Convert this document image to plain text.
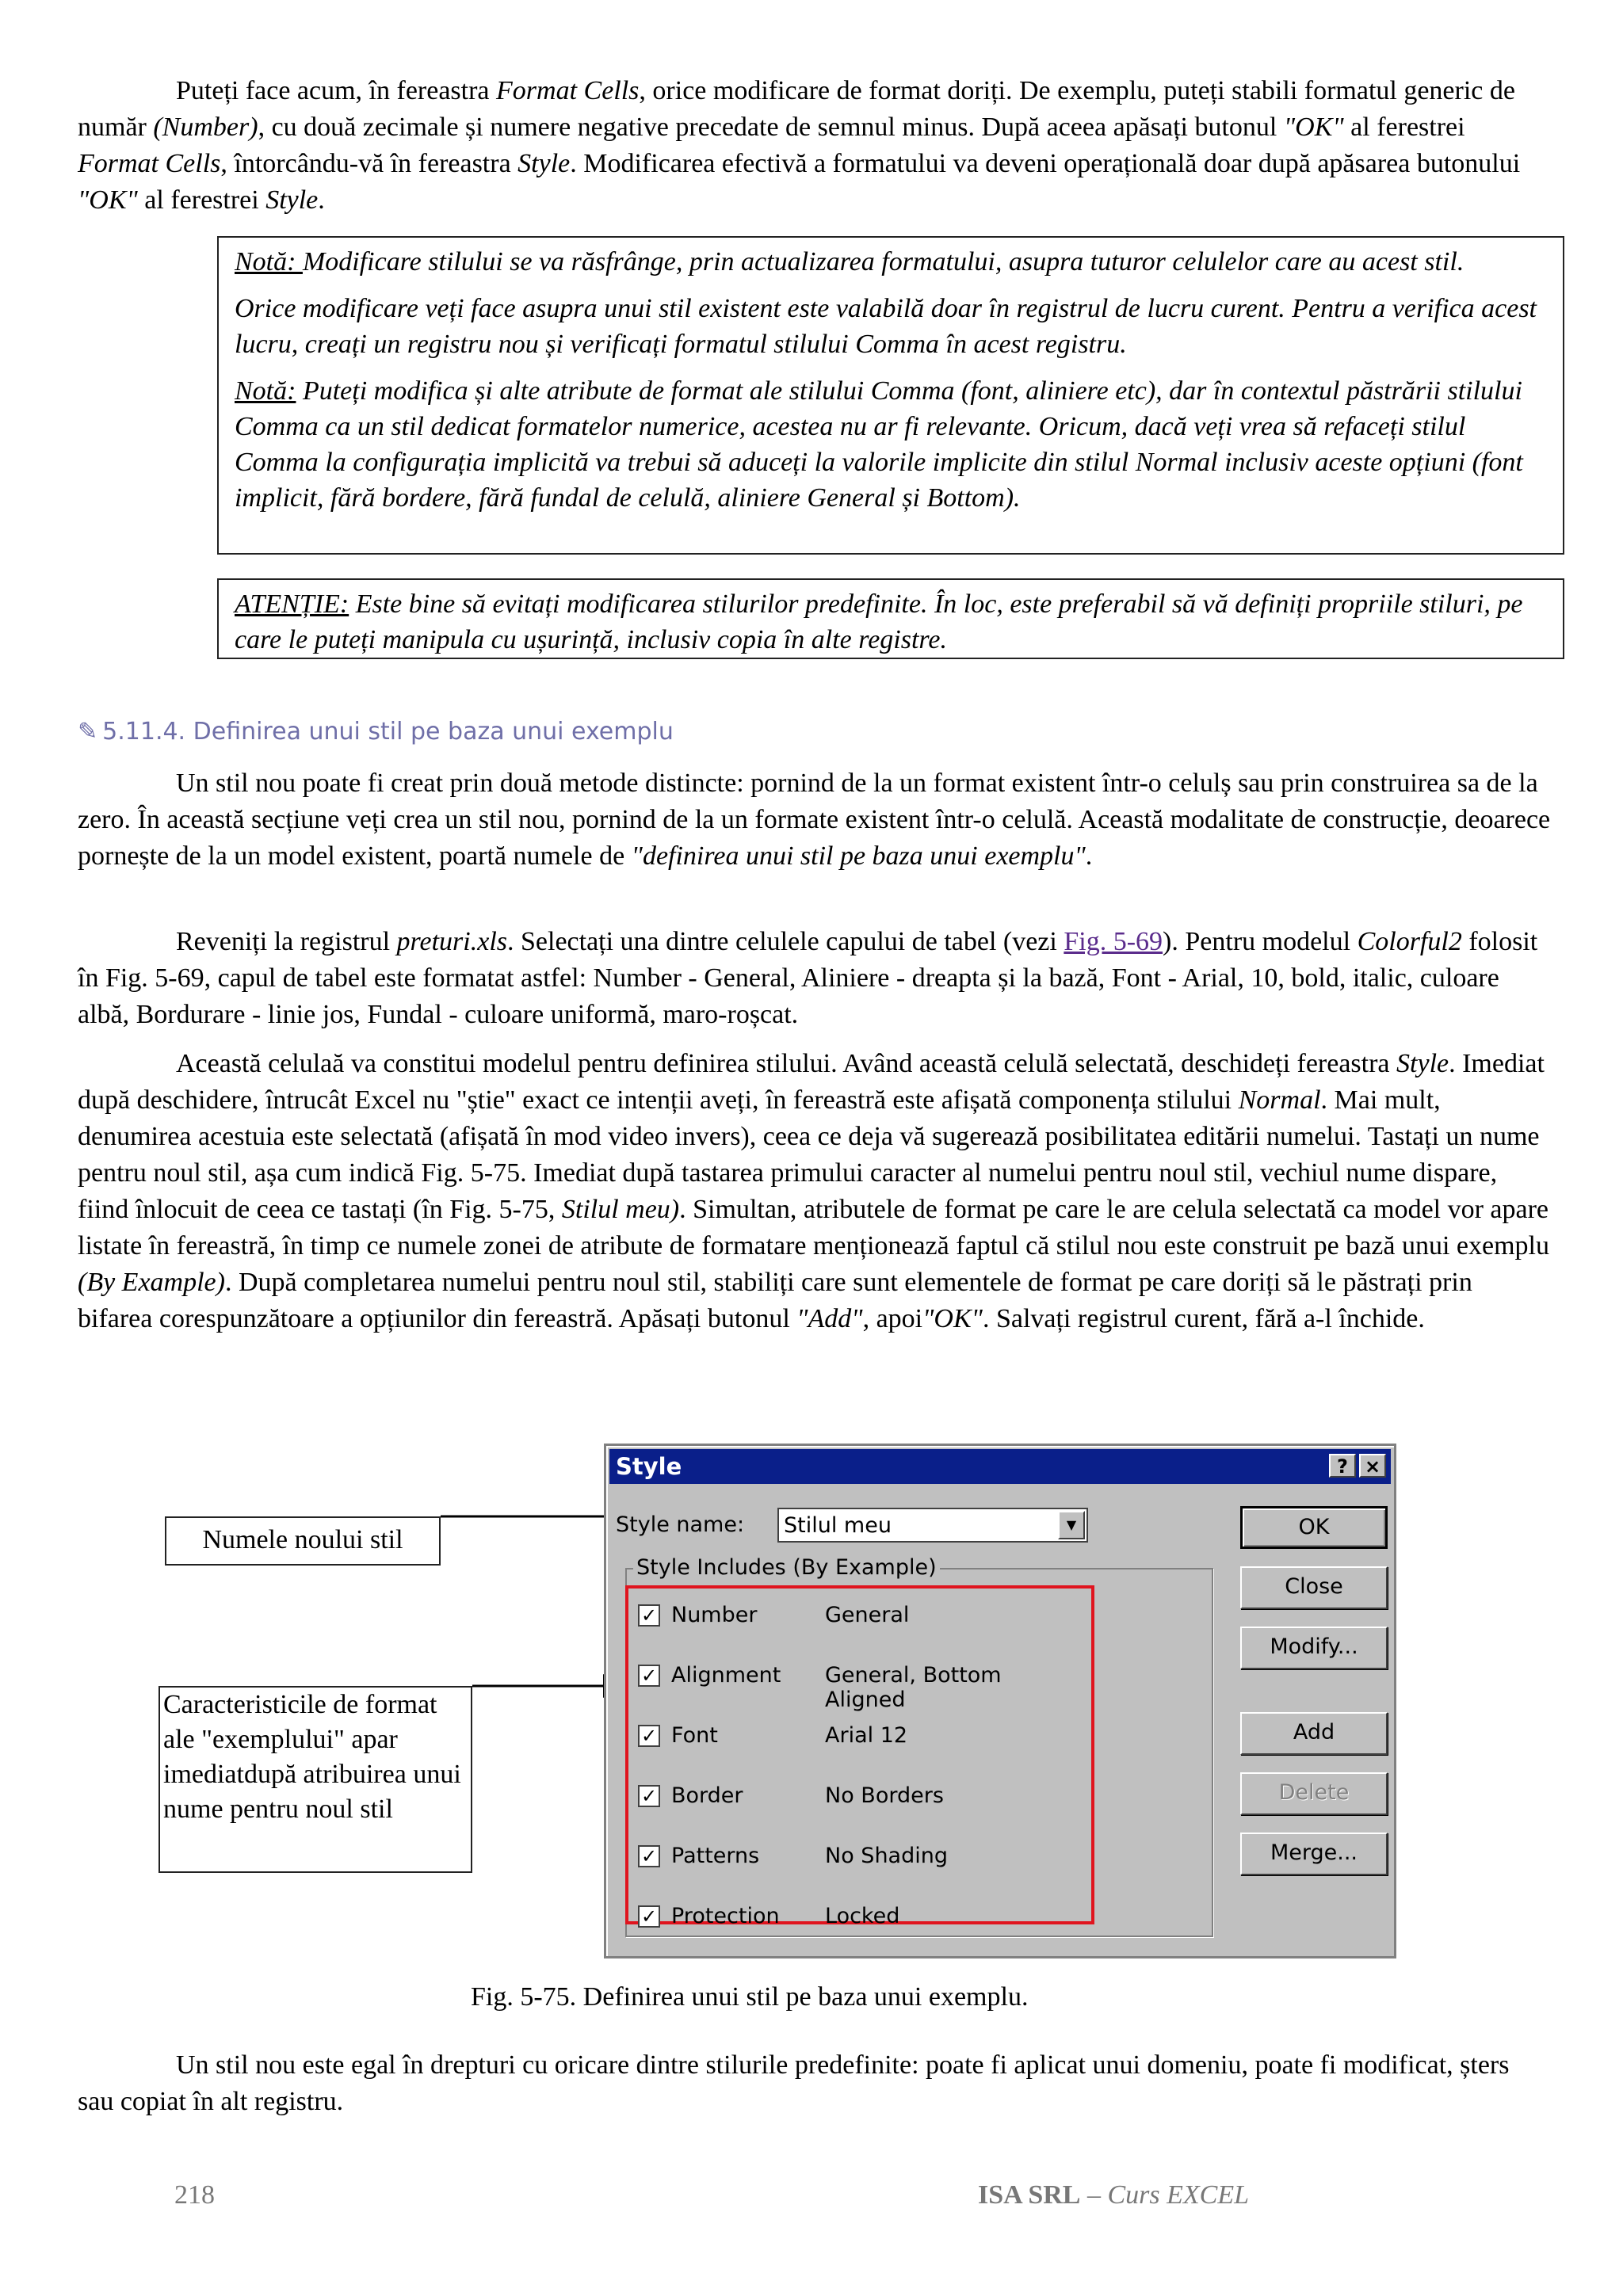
Puteți face acum, în fereastra Format Cells, orice modificare de format doriți. De exemplu, puteți stabili formatul generic de număr (Number), cu două zecimale și numere negative precedate de semnul minus. După aceea apăsați butonul "OK" al ferestrei Format Cells, întorcându-vă în fereastra Style. Modificarea efectivă a formatului va deveni operațională doar după apăsarea butonului "OK" al ferestrei Style.

Notă: Modificare stilului se va răsfrânge, prin actualizarea formatului, asupra tuturor celulelor care au acest stil.

Orice modificare veți face asupra unui stil existent este valabilă doar în registrul de lucru curent. Pentru a verifica acest lucru, creați un registru nou și verificați formatul stilului Comma în acest registru.

Notă: Puteți modifica și alte atribute de format ale stilului Comma (font, aliniere etc), dar în contextul păstrării stilului Comma ca un stil dedicat formatelor numerice, acestea nu ar fi relevante. Oricum, dacă veți vrea să refaceți stilul Comma la configurația implicită va trebui să aduceți la valorile implicite din stilul Normal inclusiv aceste opțiuni (font implicit, fără bordere, fără fundal de celulă, aliniere General și Bottom).

ATENȚIE: Este bine să evitați modificarea stilurilor predefinite. În loc, este preferabil să vă definiți propriile stiluri, pe care le puteți manipula cu ușurință, inclusiv copia în alte registre.

✎ 5.11.4. Definirea unui stil pe baza unui exemplu

Un stil nou poate fi creat prin două metode distincte: pornind de la un format existent într-o celulș sau prin construirea sa de la zero. În această secțiune veți crea un stil nou, pornind de la un formate existent într-o celulă. Această modalitate de construcție, deoarece pornește de la un model existent, poartă numele de "definirea unui stil pe baza unui exemplu".

Reveniți la registrul preturi.xls. Selectați una dintre celulele capului de tabel (vezi Fig. 5-69). Pentru modelul Colorful2 folosit în Fig. 5-69, capul de tabel este formatat astfel: Number - General, Aliniere - dreapta și la bază, Font - Arial, 10, bold, italic, culoare albă, Bordurare - linie jos, Fundal - culoare uniformă, maro-roșcat.

Această celulaă va constitui modelul pentru definirea stilului. Având această celulă selectată, deschideți fereastra Style. Imediat după deschidere, întrucât Excel nu "știe" exact ce intenții aveți, în fereastră este afișată componența stilului Normal. Mai mult, denumirea acestuia este selectată (afișată în mod video invers), ceea ce deja vă sugerează posibilitatea editării numelui. Tastați un nume pentru noul stil, așa cum indică Fig. 5-75. Imediat după tastarea primului caracter al numelui pentru noul stil, vechiul nume dispare, fiind înlocuit de ceea ce tastați (în Fig. 5-75, Stilul meu). Simultan, atributele de format pe care le are celula selectată ca model vor apare listate în fereastră, în timp ce numele zonei de atribute de formatare menționează faptul că stilul nou este construit pe bază unui exemplu (By Example). După completarea numelui pentru noul stil, stabiliți care sunt elementele de format pe care doriți să le păstrați prin bifarea corespunzătoare a opțiunilor din fereastră. Apăsați butonul "Add", apoi"OK". Salvați registrul curent, fără a-l închide.

Numele noului stil
Caracteristicile de format ale "exemplului" apar imediatdupă atribuirea unui nume pentru noul stil
Style	? ×
Style name: Stilul meu	▼
Style Includes (By Example)
✓ Number	General
✓ Alignment General, Bottom Aligned
✓ Font	Arial 12
✓ Border	No Borders
✓ Patterns	No Shading
✓ Protection Locked
OK
Close
Modify...
Add
Delete
Merge...
Fig. 5-75. Definirea unui stil pe baza unui exemplu.

Un stil nou este egal în drepturi cu oricare dintre stilurile predefinite: poate fi aplicat unui domeniu, poate fi modificat, șters sau copiat în alt registru.

218	ISA SRL – Curs EXCEL
